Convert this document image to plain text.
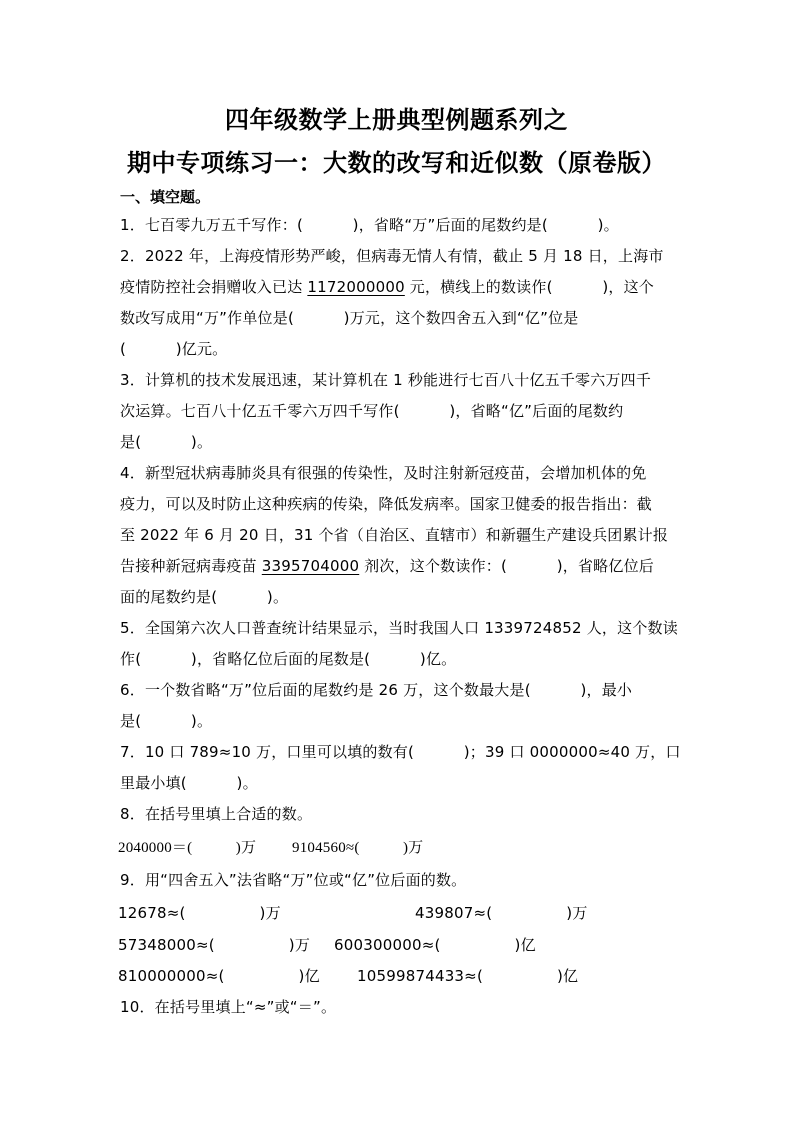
四年级数学上册典型例题系列之
期中专项练习一：大数的改写和近似数（原卷版）
一、填空题。
1．七百零九万五千写作：(          )，省略“万”后面的尾数约是(          )。
2．2022 年，上海疫情形势严峻，但病毒无情人有情，截止 5 月 18 日，上海市
疫情防控社会捐赠收入已达 1172000000 元，横线上的数读作(          )，这个
数改写成用“万”作单位是(          )万元，这个数四舍五入到“亿”位是
(          )亿元。
3．计算机的技术发展迅速，某计算机在 1 秒能进行七百八十亿五千零六万四千
次运算。七百八十亿五千零六万四千写作(          )，省略“亿”后面的尾数约
是(          )。
4．新型冠状病毒肺炎具有很强的传染性，及时注射新冠疫苗，会增加机体的免
疫力，可以及时防止这种疾病的传染，降低发病率。国家卫健委的报告指出：截
至 2022 年 6 月 20 日，31 个省（自治区、直辖市）和新疆生产建设兵团累计报
告接种新冠病毒疫苗 3395704000 剂次，这个数读作：(          )，省略亿位后
面的尾数约是(          )。
5．全国第六次人口普查统计结果显示，当时我国人口 1339724852 人，这个数读
作(          )，省略亿位后面的尾数是(          )亿。
6．一个数省略“万”位后面的尾数约是 26 万，这个数最大是(          )，最小
是(          )。
7．10 口 789≈10 万，口里可以填的数有(          )；39 口 0000000≈40 万，口
里最小填(          )。
8．在括号里填上合适的数。
2040000＝(	)万 9104560≈(	)万
9．用“四舍五入”法省略“万”位或“亿”位后面的数。
12678≈(	)万	439807≈(	)万
57348000≈(	)万 600300000≈(	)亿
810000000≈(	)亿 10599874433≈(	)亿
10．在括号里填上“≈”或“＝”。
